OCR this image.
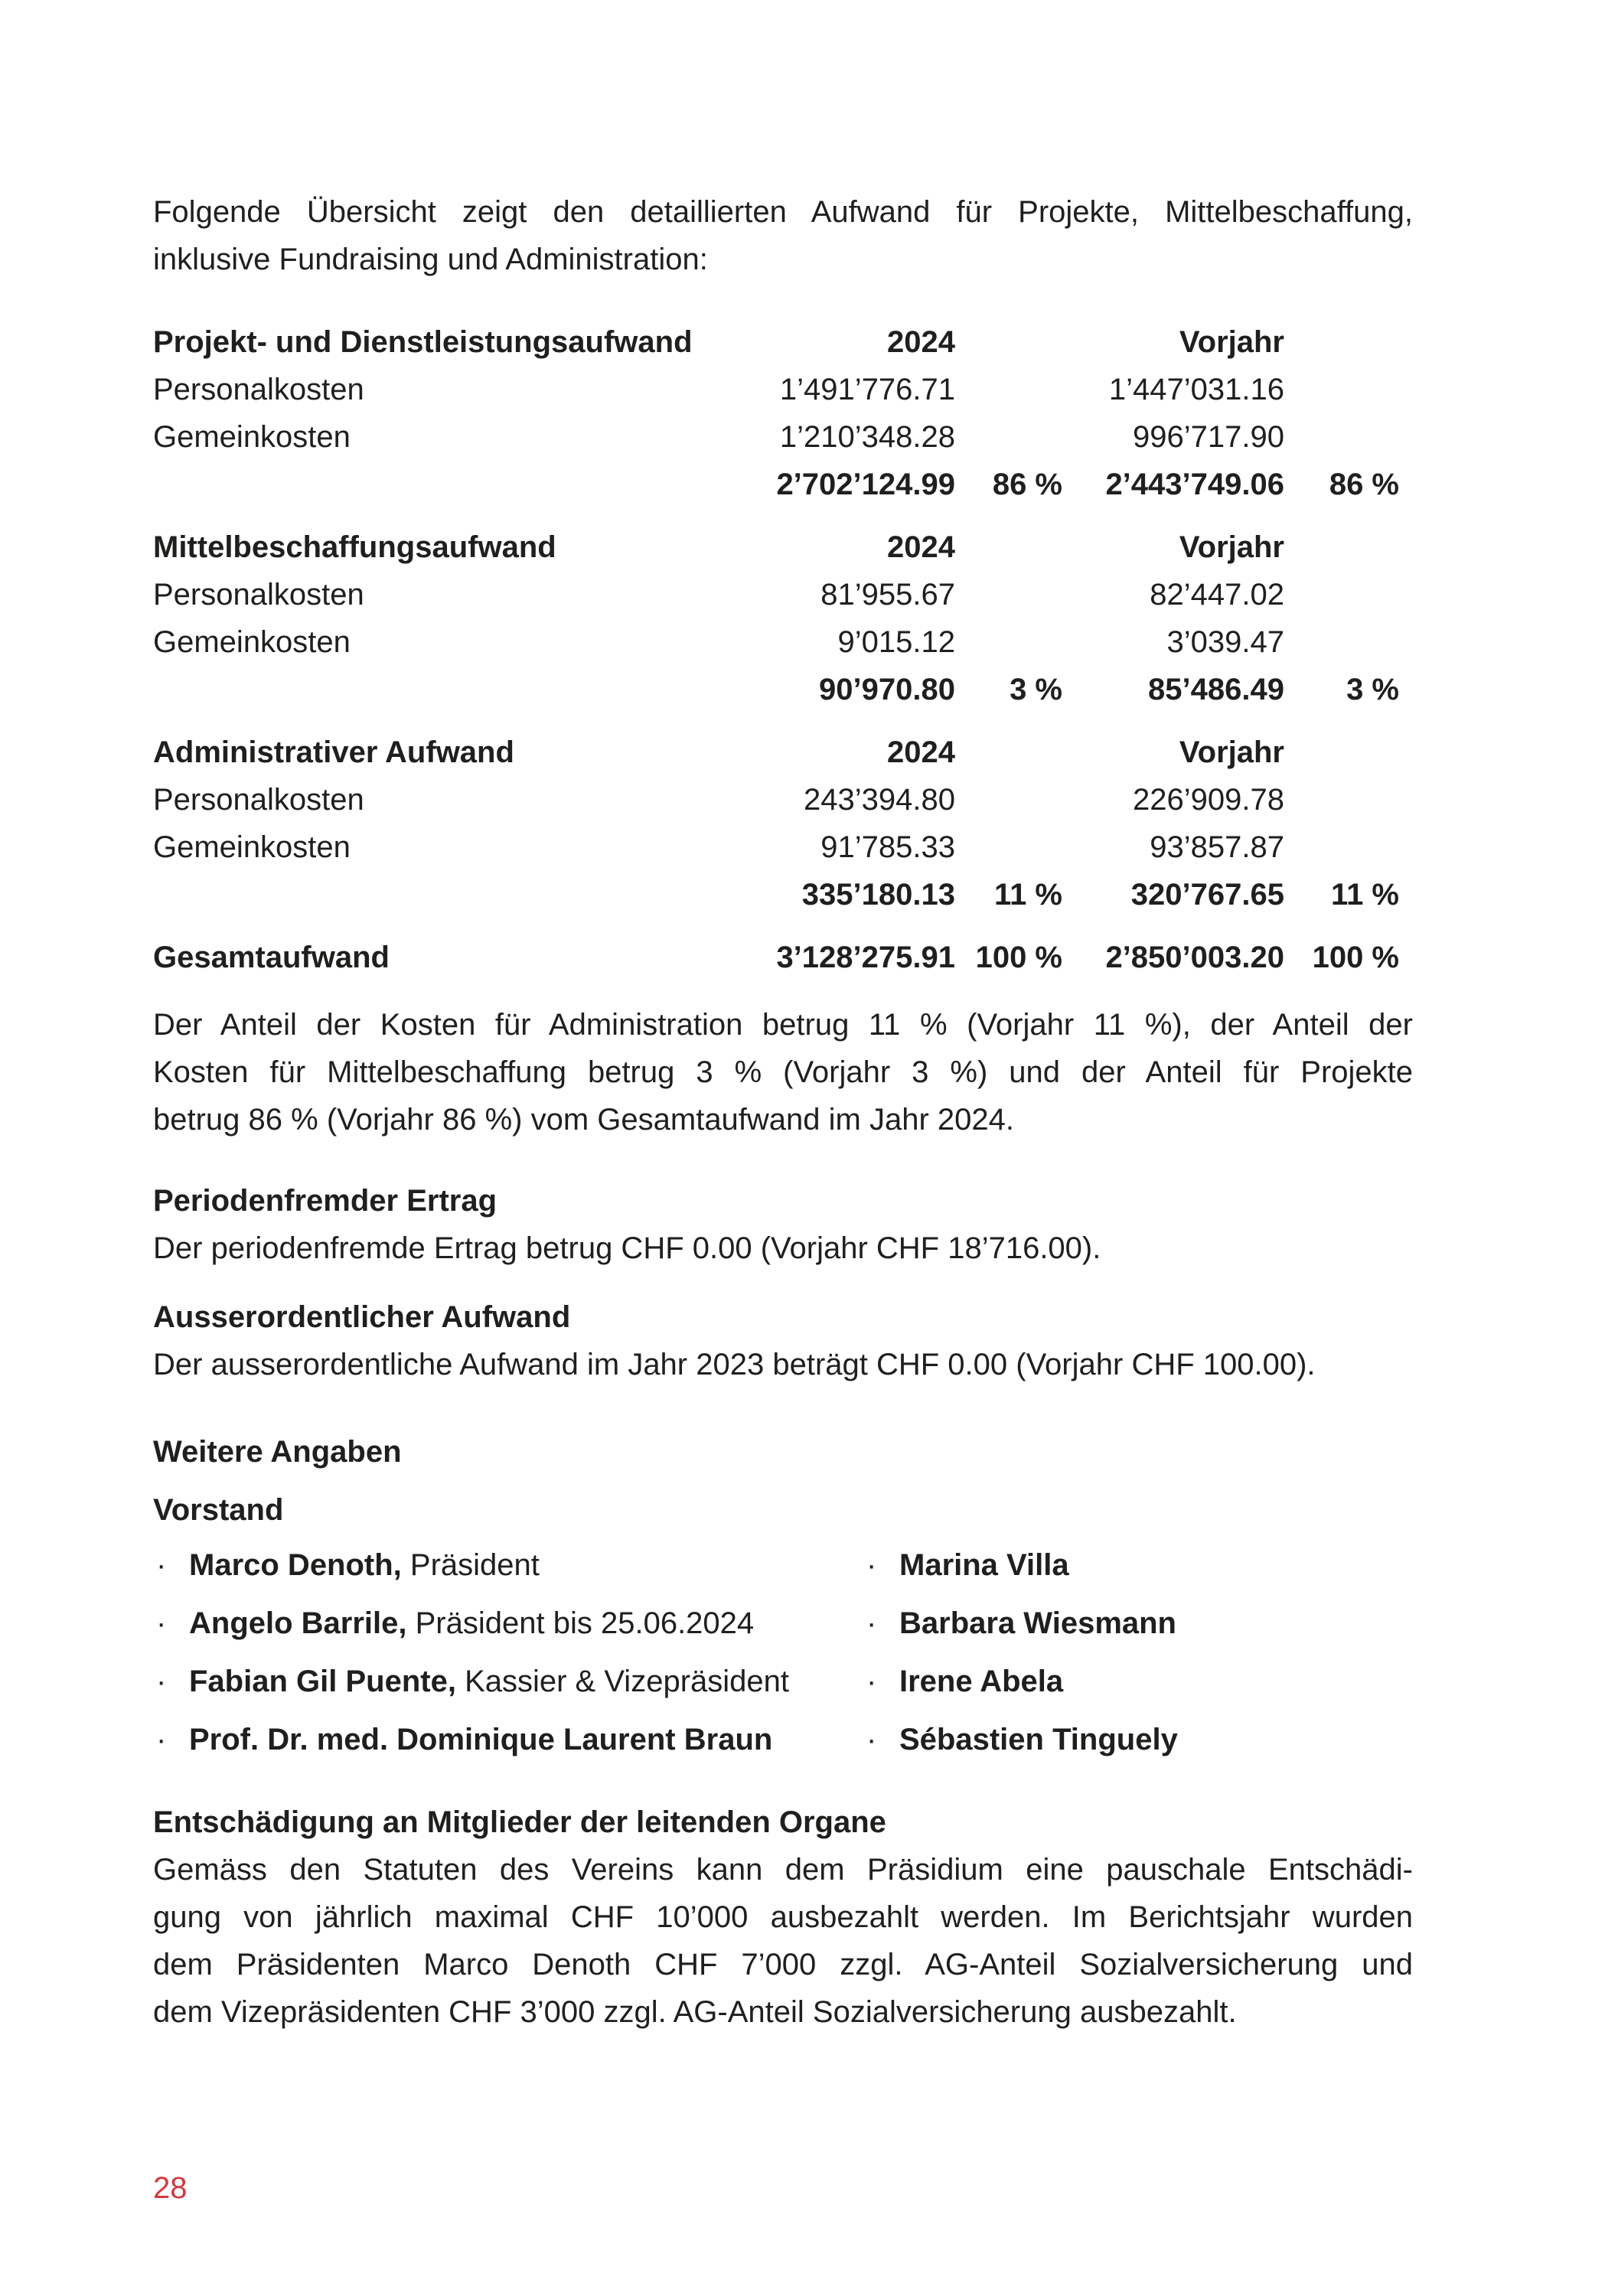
Folgende Übersicht zeigt den detaillierten Aufwand für Projekte, Mittelbeschaffung,
inklusive Fundraising und Administration:

Projekt- und Dienstleistungsaufwand	2024	Vorjahr
Personalkosten	1’491’776.71	1’447’031.16
Gemeinkosten	1’210’348.28	996’717.90
2’702’124.99	86 %	2’443’749.06	86 %
Mittelbeschaffungsaufwand	2024	Vorjahr
Personalkosten	81’955.67	82’447.02
Gemeinkosten	9’015.12	3’039.47
90’970.80	3 %	85’486.49	3 %
Administrativer Aufwand	2024	Vorjahr
Personalkosten	243’394.80	226’909.78
Gemeinkosten	91’785.33	93’857.87
335’180.13	11 %	320’767.65	11 %
Gesamtaufwand	3’128’275.91 100 %	2’850’003.20 100 %

Der Anteil der Kosten für Administration betrug 11 % (Vorjahr 11 %), der Anteil der
Kosten für Mittelbeschaffung betrug 3 % (Vorjahr 3 %) und der Anteil für Projekte
betrug 86 % (Vorjahr 86 %) vom Gesamtaufwand im Jahr 2024.

Periodenfremder Ertrag
Der periodenfremde Ertrag betrug CHF 0.00 (Vorjahr CHF 18’716.00).
Ausserordentlicher Aufwand
Der ausserordentliche Aufwand im Jahr 2023 beträgt CHF 0.00 (Vorjahr CHF 100.00).
Weitere Angaben
Vorstand
· Marco Denoth, Präsident	· Marina Villa
· Angelo Barrile, Präsident bis 25.06.2024	· Barbara Wiesmann
· Fabian Gil Puente, Kassier & Vizepräsident	· Irene Abela
· Prof. Dr. med. Dominique Laurent Braun	· Sébastien Tinguely
Entschädigung an Mitglieder der leitenden Organe

Gemäss den Statuten des Vereins kann dem Präsidium eine pauschale Entschädi-
gung von jährlich maximal CHF 10’000 ausbezahlt werden. Im Berichtsjahr wurden
dem Präsidenten Marco Denoth CHF 7’000 zzgl. AG-Anteil Sozialversicherung und
dem Vizepräsidenten CHF 3’000 zzgl. AG-Anteil Sozialversicherung ausbezahlt.

28
